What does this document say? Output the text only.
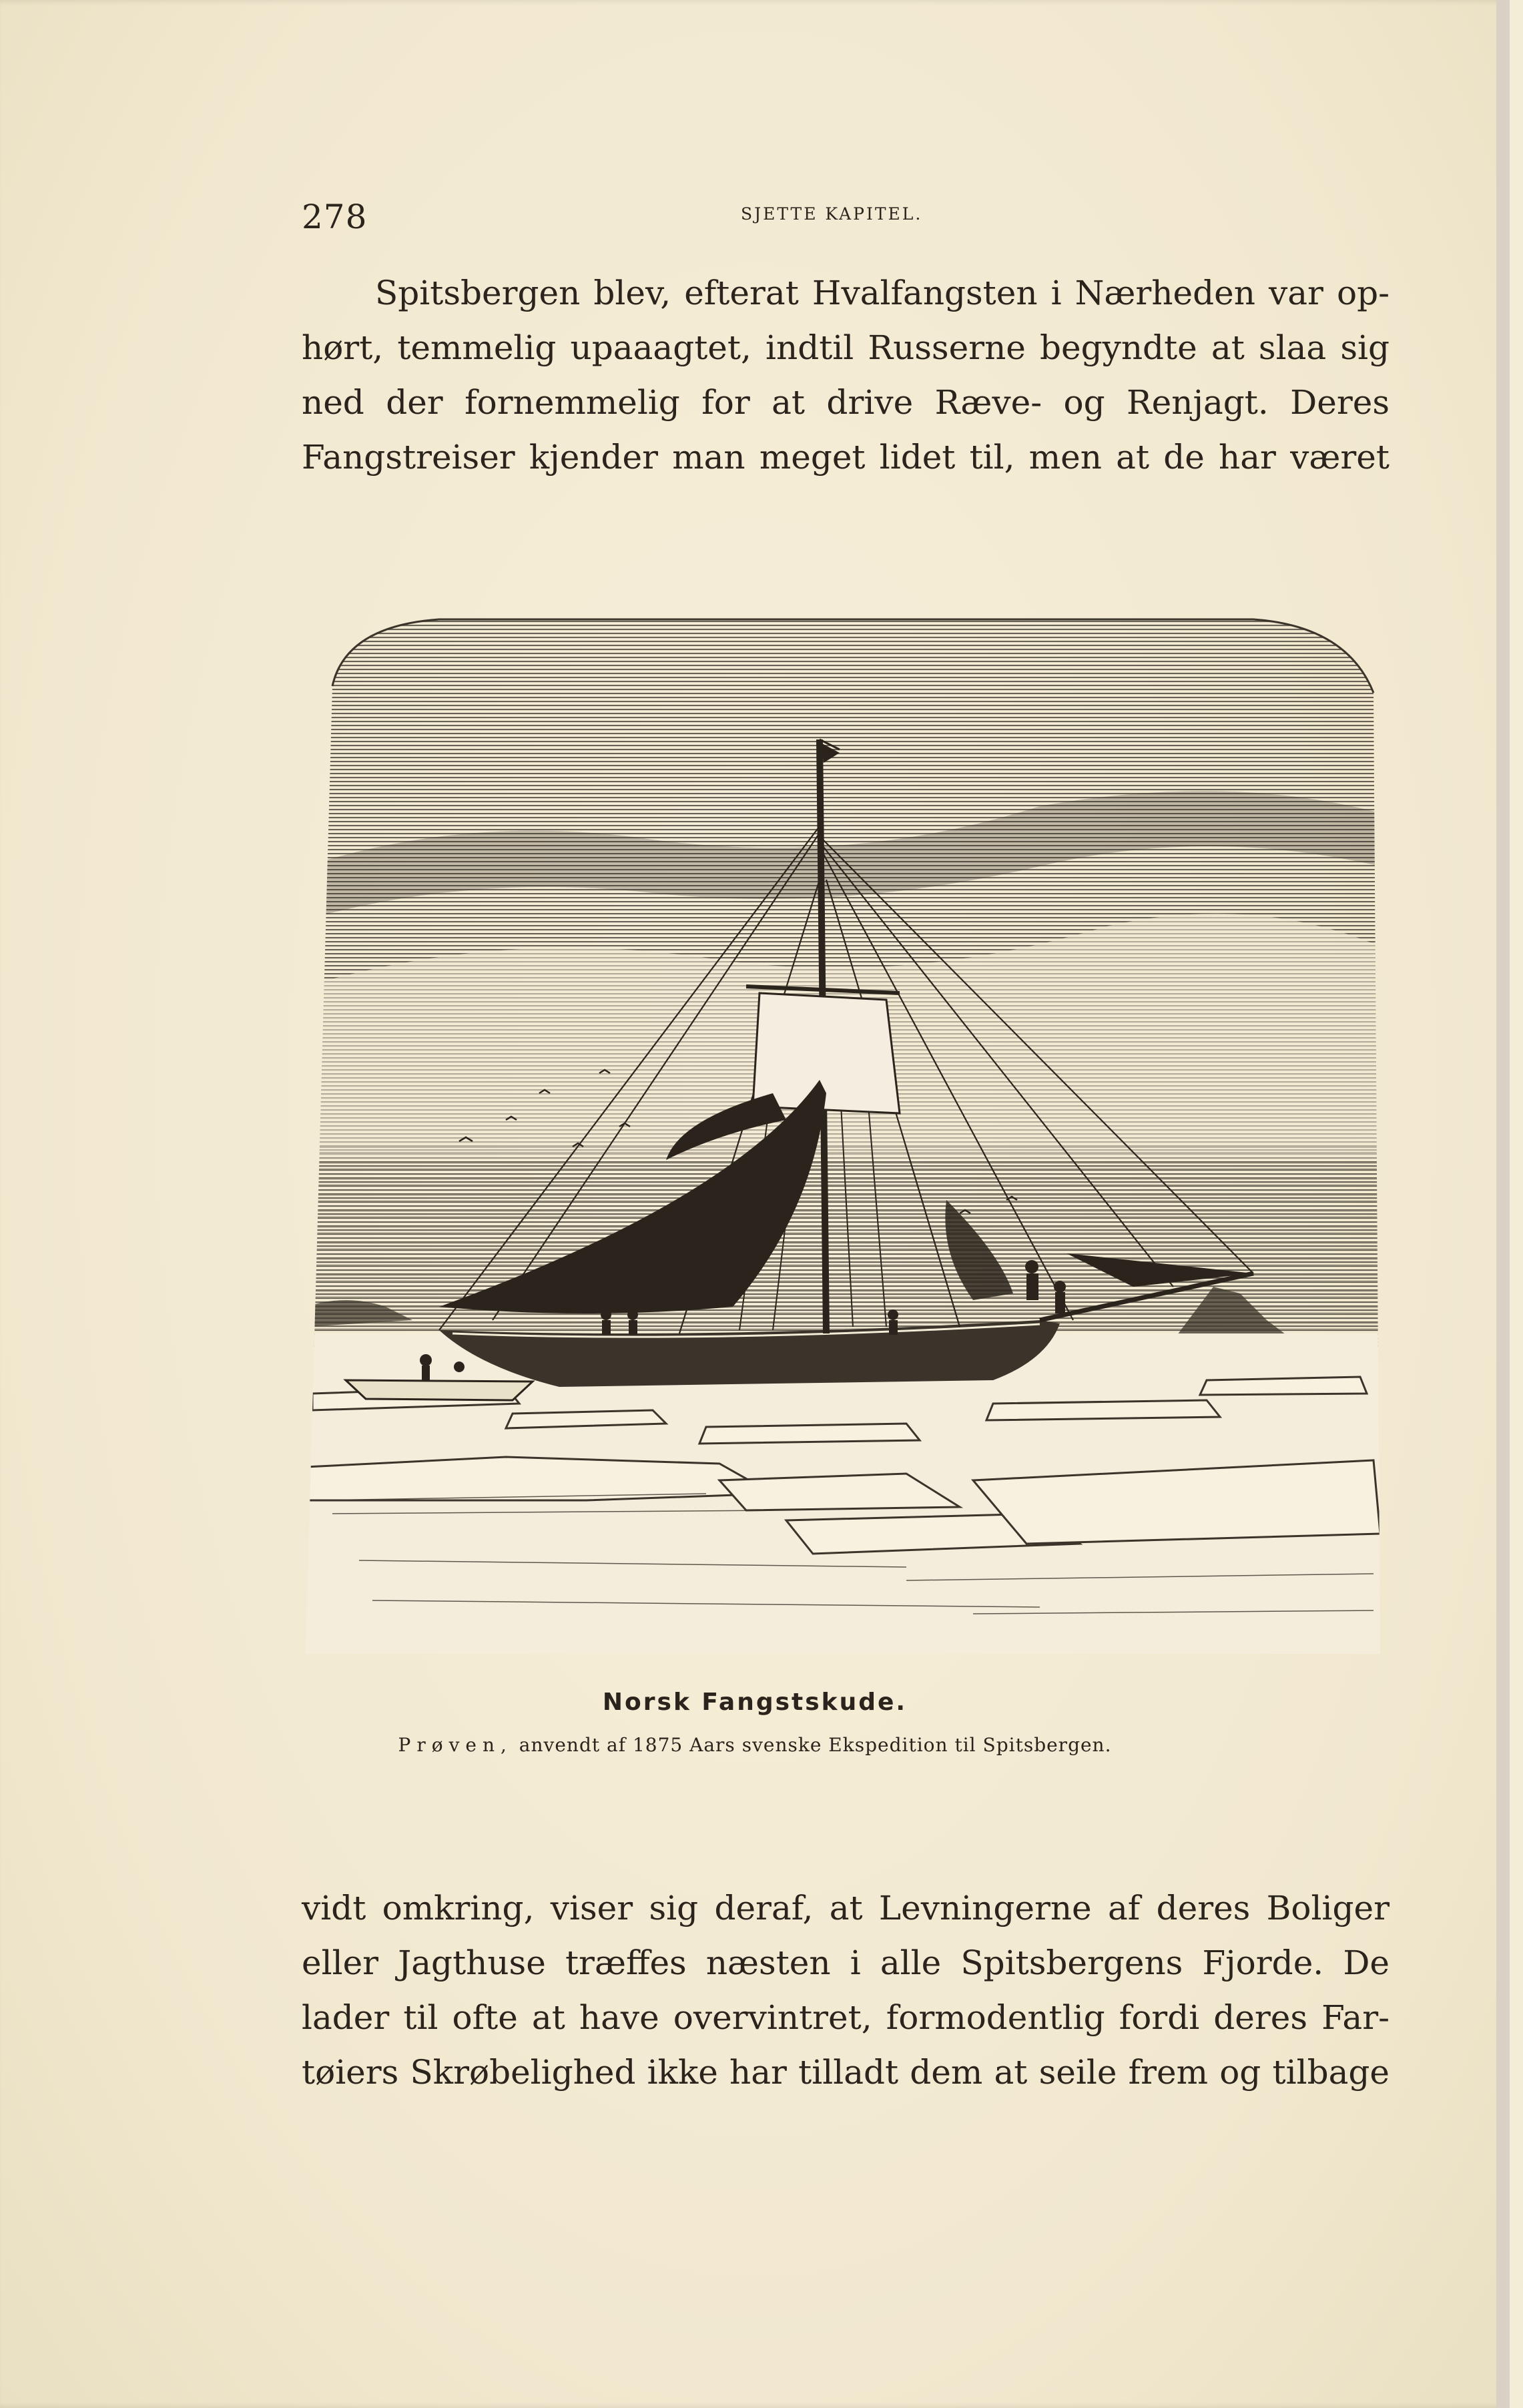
278	SJETTE KAPITEL.
Spitsbergen blev, efterat Hvalfangsten i Nærheden var op-
hørt, temmelig upaaagtet, indtil Russerne begyndte at slaa sig
ned der fornemmelig for at drive Ræve- og Renjagt. Deres
Fangstreiser kjender man meget lidet til, men at de har været
Norsk Fangstskude.
Prøven, anvendt af 1875 Aars svenske Ekspedition til Spitsbergen.
vidt omkring, viser sig deraf, at Levningerne af deres Boliger
eller Jagthuse træffes næsten i alle Spitsbergens Fjorde. De
lader til ofte at have overvintret, formodentlig fordi deres Far-
tøiers Skrøbelighed ikke har tilladt dem at seile frem og tilbage
